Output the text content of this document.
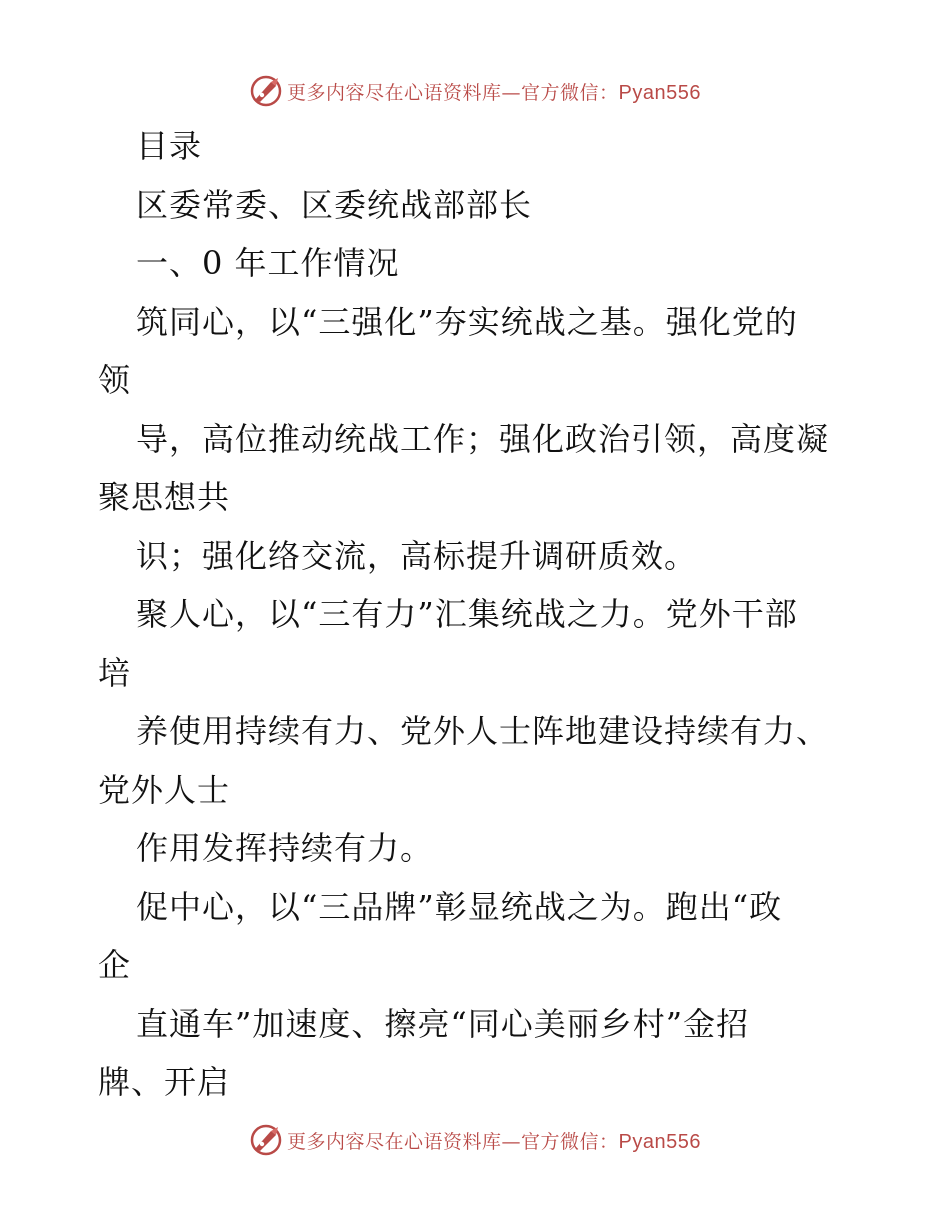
更多内容尽在心语资料库—官方微信：Pyan556
目录
区委常委、区委统战部部长
一、0 年工作情况
筑同心，以“三强化”夯实统战之基。强化党的
领
导，高位推动统战工作；强化政治引领，高度凝
聚思想共
识；强化络交流，高标提升调研质效。
聚人心，以“三有力”汇集统战之力。党外干部
培
养使用持续有力、党外人士阵地建设持续有力、
党外人士
作用发挥持续有力。
促中心，以“三品牌”彰显统战之为。跑出“政
企
直通车”加速度、擦亮“同心美丽乡村”金招
牌、开启
更多内容尽在心语资料库—官方微信：Pyan556
